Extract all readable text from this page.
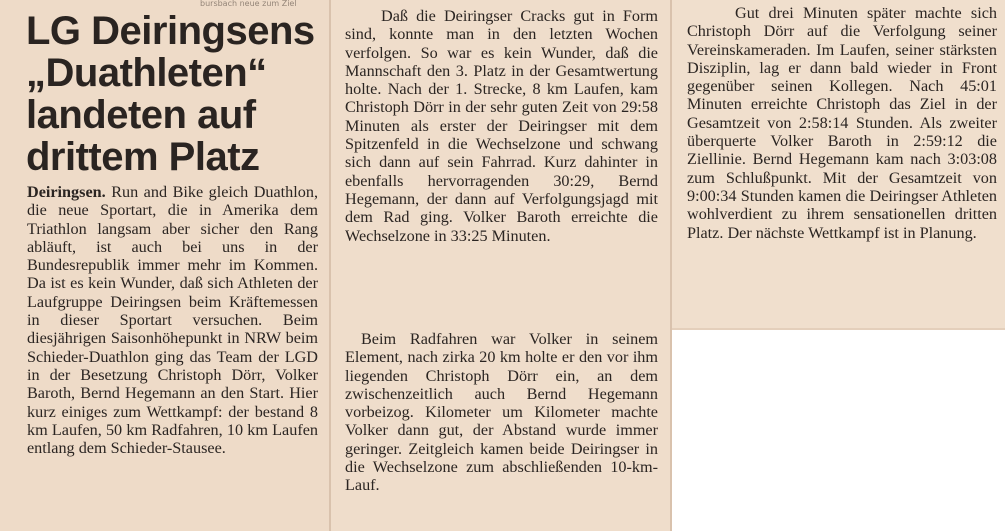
bursbach neue zum Ziel
LG Deiringsens
„Duathleten“
landeten auf
drittem Platz

Deiringsen. Run and Bike gleich Duathlon, die neue Sportart, die in Amerika dem Triathlon langsam aber sicher den Rang abläuft, ist auch bei uns in der Bundesrepublik immer mehr im Kommen. Da ist es kein Wunder, daß sich Athleten der Laufgruppe Deiringsen beim Kräftemessen in dieser Sportart versuchen. Beim diesjährigen Saisonhöhepunkt in NRW beim Schieder-Duathlon ging das Team der LGD in der Besetzung Christoph Dörr, Volker Baroth, Bernd Hegemann an den Start. Hier kurz einiges zum Wettkampf: der bestand 8 km Laufen, 50 km Radfahren, 10 km Laufen entlang dem Schieder-Stausee.

Daß die Deiringser Cracks gut in Form sind, konnte man in den letzten Wochen verfolgen. So war es kein Wunder, daß die Mannschaft den 3. Platz in der Gesamtwertung holte. Nach der 1. Strecke, 8 km Laufen, kam Christoph Dörr in der sehr guten Zeit von 29:58 Minuten als erster der Deiringser mit dem Spitzenfeld in die Wechselzone und schwang sich dann auf sein Fahrrad. Kurz dahinter in ebenfalls hervorragenden 30:29, Bernd Hegemann, der dann auf Verfolgungsjagd mit dem Rad ging. Volker Baroth erreichte die Wechselzone in 33:25 Minuten.

Beim Radfahren war Volker in seinem Element, nach zirka 20 km holte er den vor ihm liegenden Christoph Dörr ein, an dem zwischenzeitlich auch Bernd Hegemann vorbeizog. Kilometer um Kilometer machte Volker dann gut, der Abstand wurde immer geringer. Zeitgleich kamen beide Deiringser in die Wechselzone zum abschließenden 10-km-Lauf.

Gut drei Minuten später machte sich Christoph Dörr auf die Verfolgung seiner Vereinskameraden. Im Laufen, seiner stärksten Disziplin, lag er dann bald wieder in Front gegenüber seinen Kollegen. Nach 45:01 Minuten erreichte Christoph das Ziel in der Gesamtzeit von 2:58:14 Stunden. Als zweiter überquerte Volker Baroth in 2:59:12 die Ziellinie. Bernd Hegemann kam nach 3:03:08 zum Schlußpunkt. Mit der Gesamtzeit von 9:00:34 Stunden kamen die Deiringser Athleten wohlverdient zu ihrem sensationellen dritten Platz. Der nächste Wettkampf ist in Planung.
